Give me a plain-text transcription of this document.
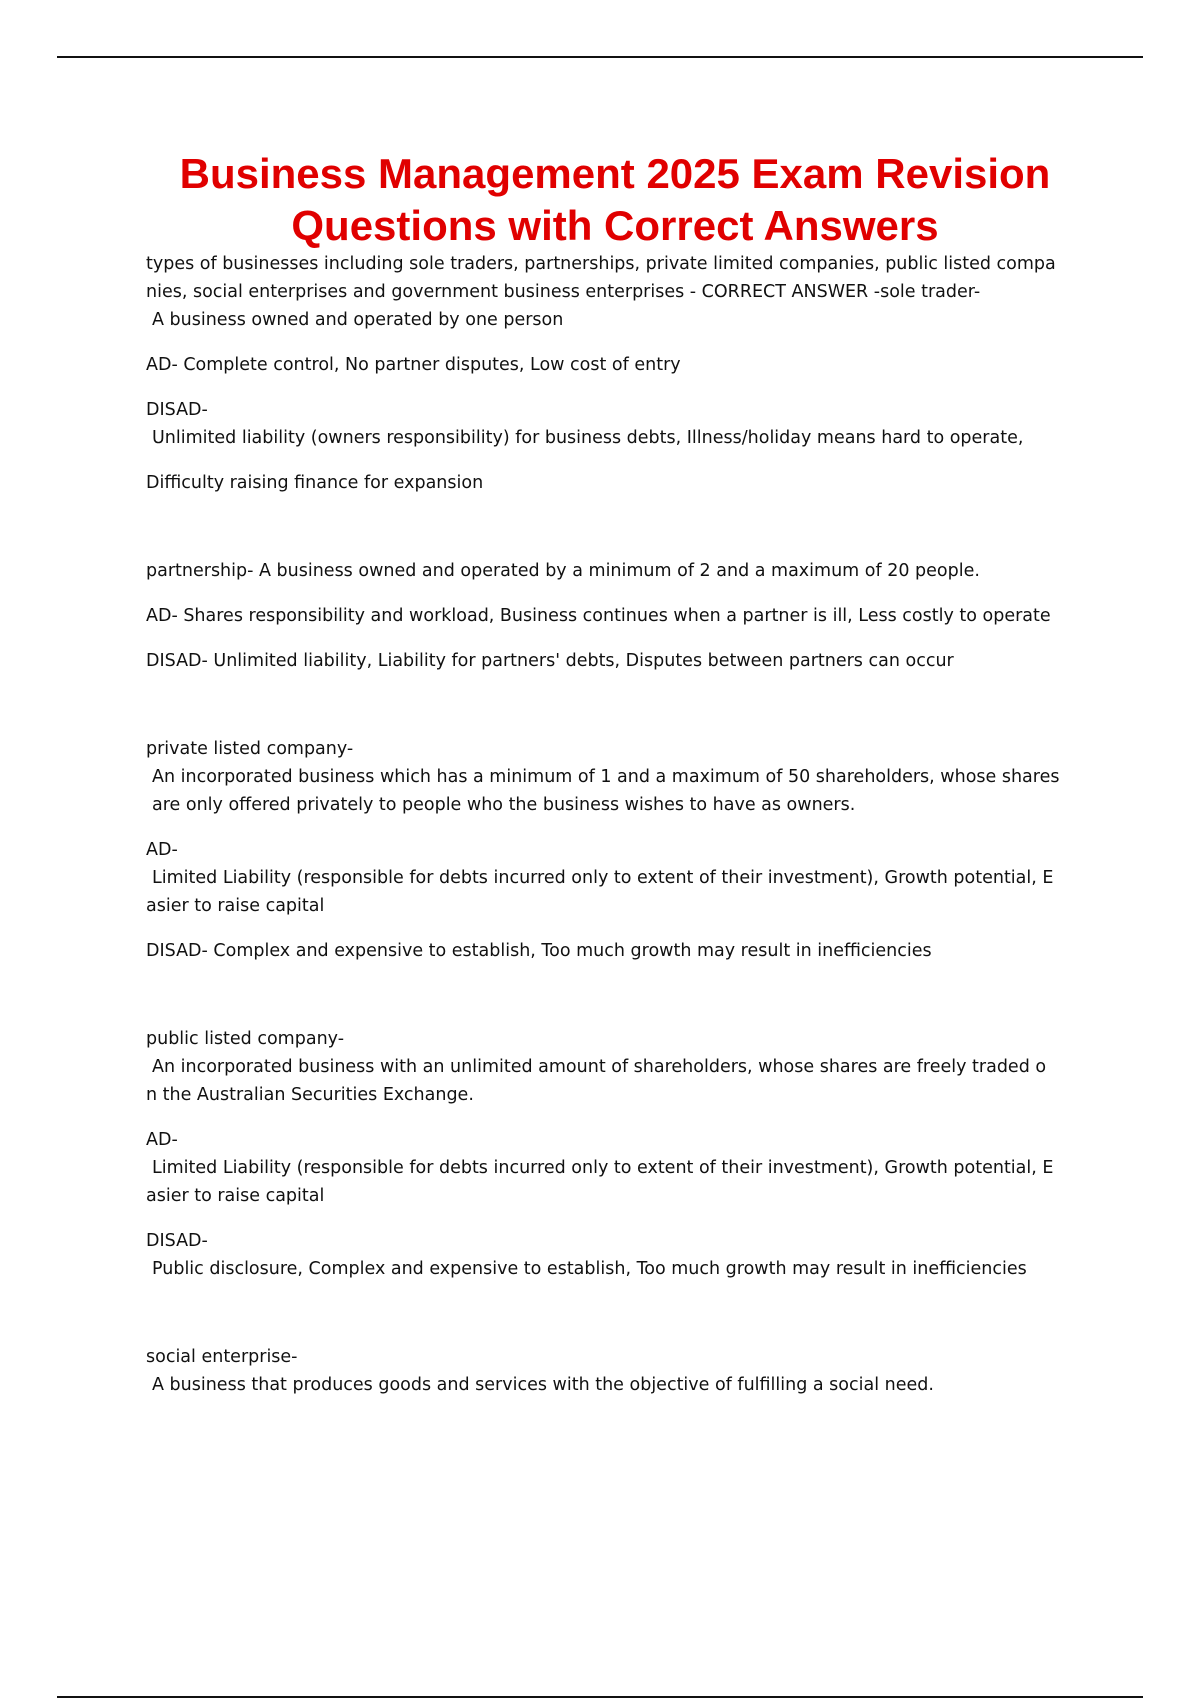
Business Management 2025 Exam Revision
Questions with Correct Answers

types of businesses including sole traders, partnerships, private limited companies, public listed compa

nies, social enterprises and government business enterprises - CORRECT ANSWER -sole trader-

A business owned and operated by one person

AD- Complete control, No partner disputes, Low cost of entry

DISAD-

Unlimited liability (owners responsibility) for business debts, Illness/holiday means hard to operate,

Difficulty raising finance for expansion

partnership- A business owned and operated by a minimum of 2 and a maximum of 20 people.

AD- Shares responsibility and workload, Business continues when a partner is ill, Less costly to operate

DISAD- Unlimited liability, Liability for partners' debts, Disputes between partners can occur

private listed company-

An incorporated business which has a minimum of 1 and a maximum of 50 shareholders, whose shares

are only offered privately to people who the business wishes to have as owners.

AD-

Limited Liability (responsible for debts incurred only to extent of their investment), Growth potential, E

asier to raise capital

DISAD- Complex and expensive to establish, Too much growth may result in inefficiencies

public listed company-

An incorporated business with an unlimited amount of shareholders, whose shares are freely traded o

n the Australian Securities Exchange.

AD-

Limited Liability (responsible for debts incurred only to extent of their investment), Growth potential, E

asier to raise capital

DISAD-

Public disclosure, Complex and expensive to establish, Too much growth may result in inefficiencies

social enterprise-

A business that produces goods and services with the objective of fulfilling a social need.
